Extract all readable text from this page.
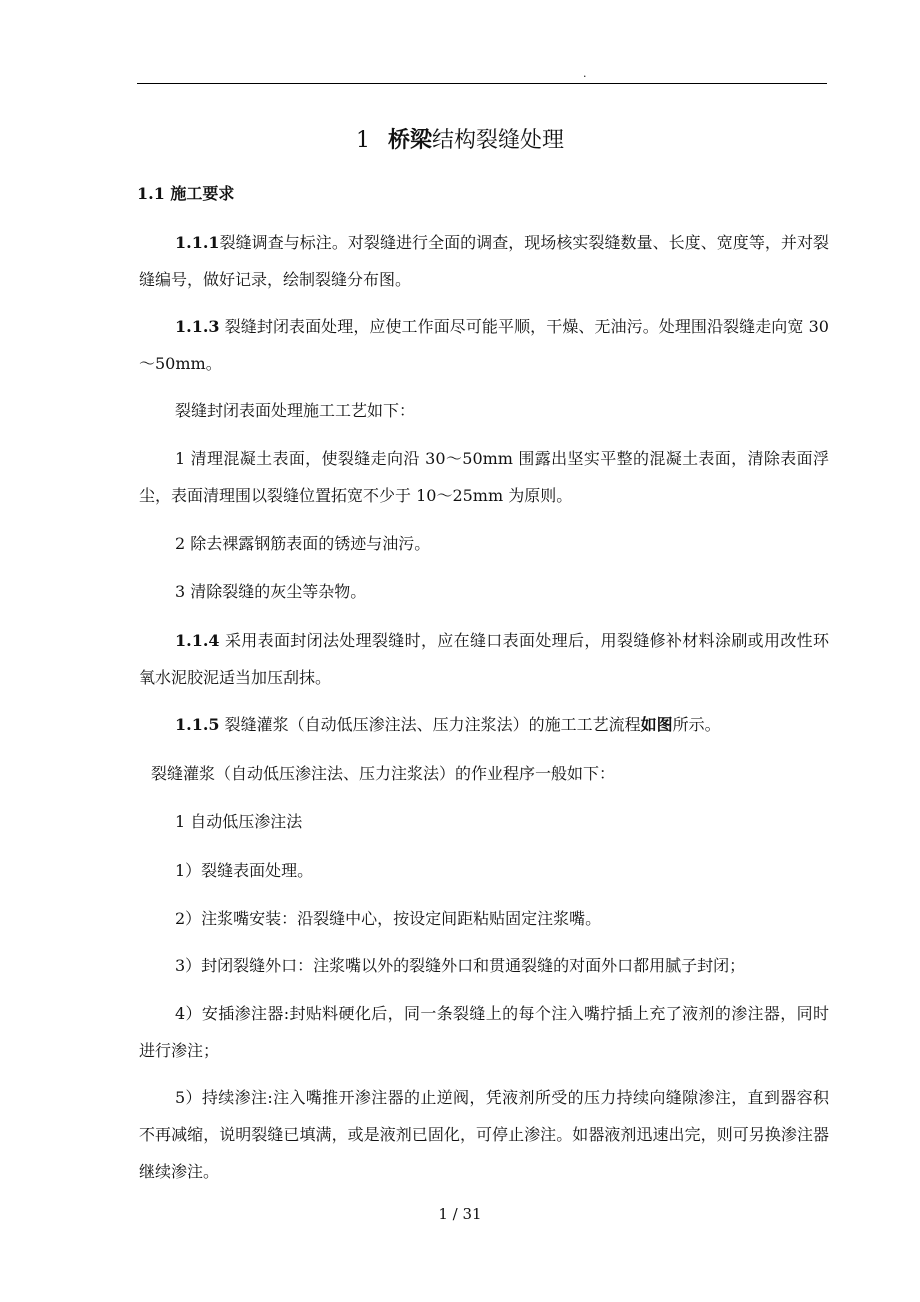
.
1 桥梁结构裂缝处理
1.1 施工要求
1.1.1裂缝调查与标注。对裂缝进行全面的调查，现场核实裂缝数量、长度、宽度等，并对裂缝编号，做好记录，绘制裂缝分布图。
1.1.3 裂缝封闭表面处理，应使工作面尽可能平顺，干燥、无油污。处理围沿裂缝走向宽 30～50mm。
裂缝封闭表面处理施工工艺如下：
1 清理混凝土表面，使裂缝走向沿 30～50mm 围露出坚实平整的混凝土表面，清除表面浮尘，表面清理围以裂缝位置拓宽不少于 10～25mm 为原则。
2 除去裸露钢筋表面的锈迹与油污。
3 清除裂缝的灰尘等杂物。
1.1.4 采用表面封闭法处理裂缝时，应在缝口表面处理后，用裂缝修补材料涂刷或用改性环氧水泥胶泥适当加压刮抹。
1.1.5 裂缝灌浆（自动低压渗注法、压力注浆法）的施工工艺流程如图所示。
裂缝灌浆（自动低压渗注法、压力注浆法）的作业程序一般如下：
1 自动低压渗注法
1）裂缝表面处理。
2）注浆嘴安装：沿裂缝中心，按设定间距粘贴固定注浆嘴。
3）封闭裂缝外口：注浆嘴以外的裂缝外口和贯通裂缝的对面外口都用腻子封闭；
4）安插渗注器:封贴料硬化后，同一条裂缝上的每个注入嘴拧插上充了液剂的渗注器，同时进行渗注；
5）持续渗注:注入嘴推开渗注器的止逆阀，凭液剂所受的压力持续向缝隙渗注，直到器容积不再减缩，说明裂缝已填满，或是液剂已固化，可停止渗注。如器液剂迅速出完，则可另换渗注器继续渗注。
1 / 31
